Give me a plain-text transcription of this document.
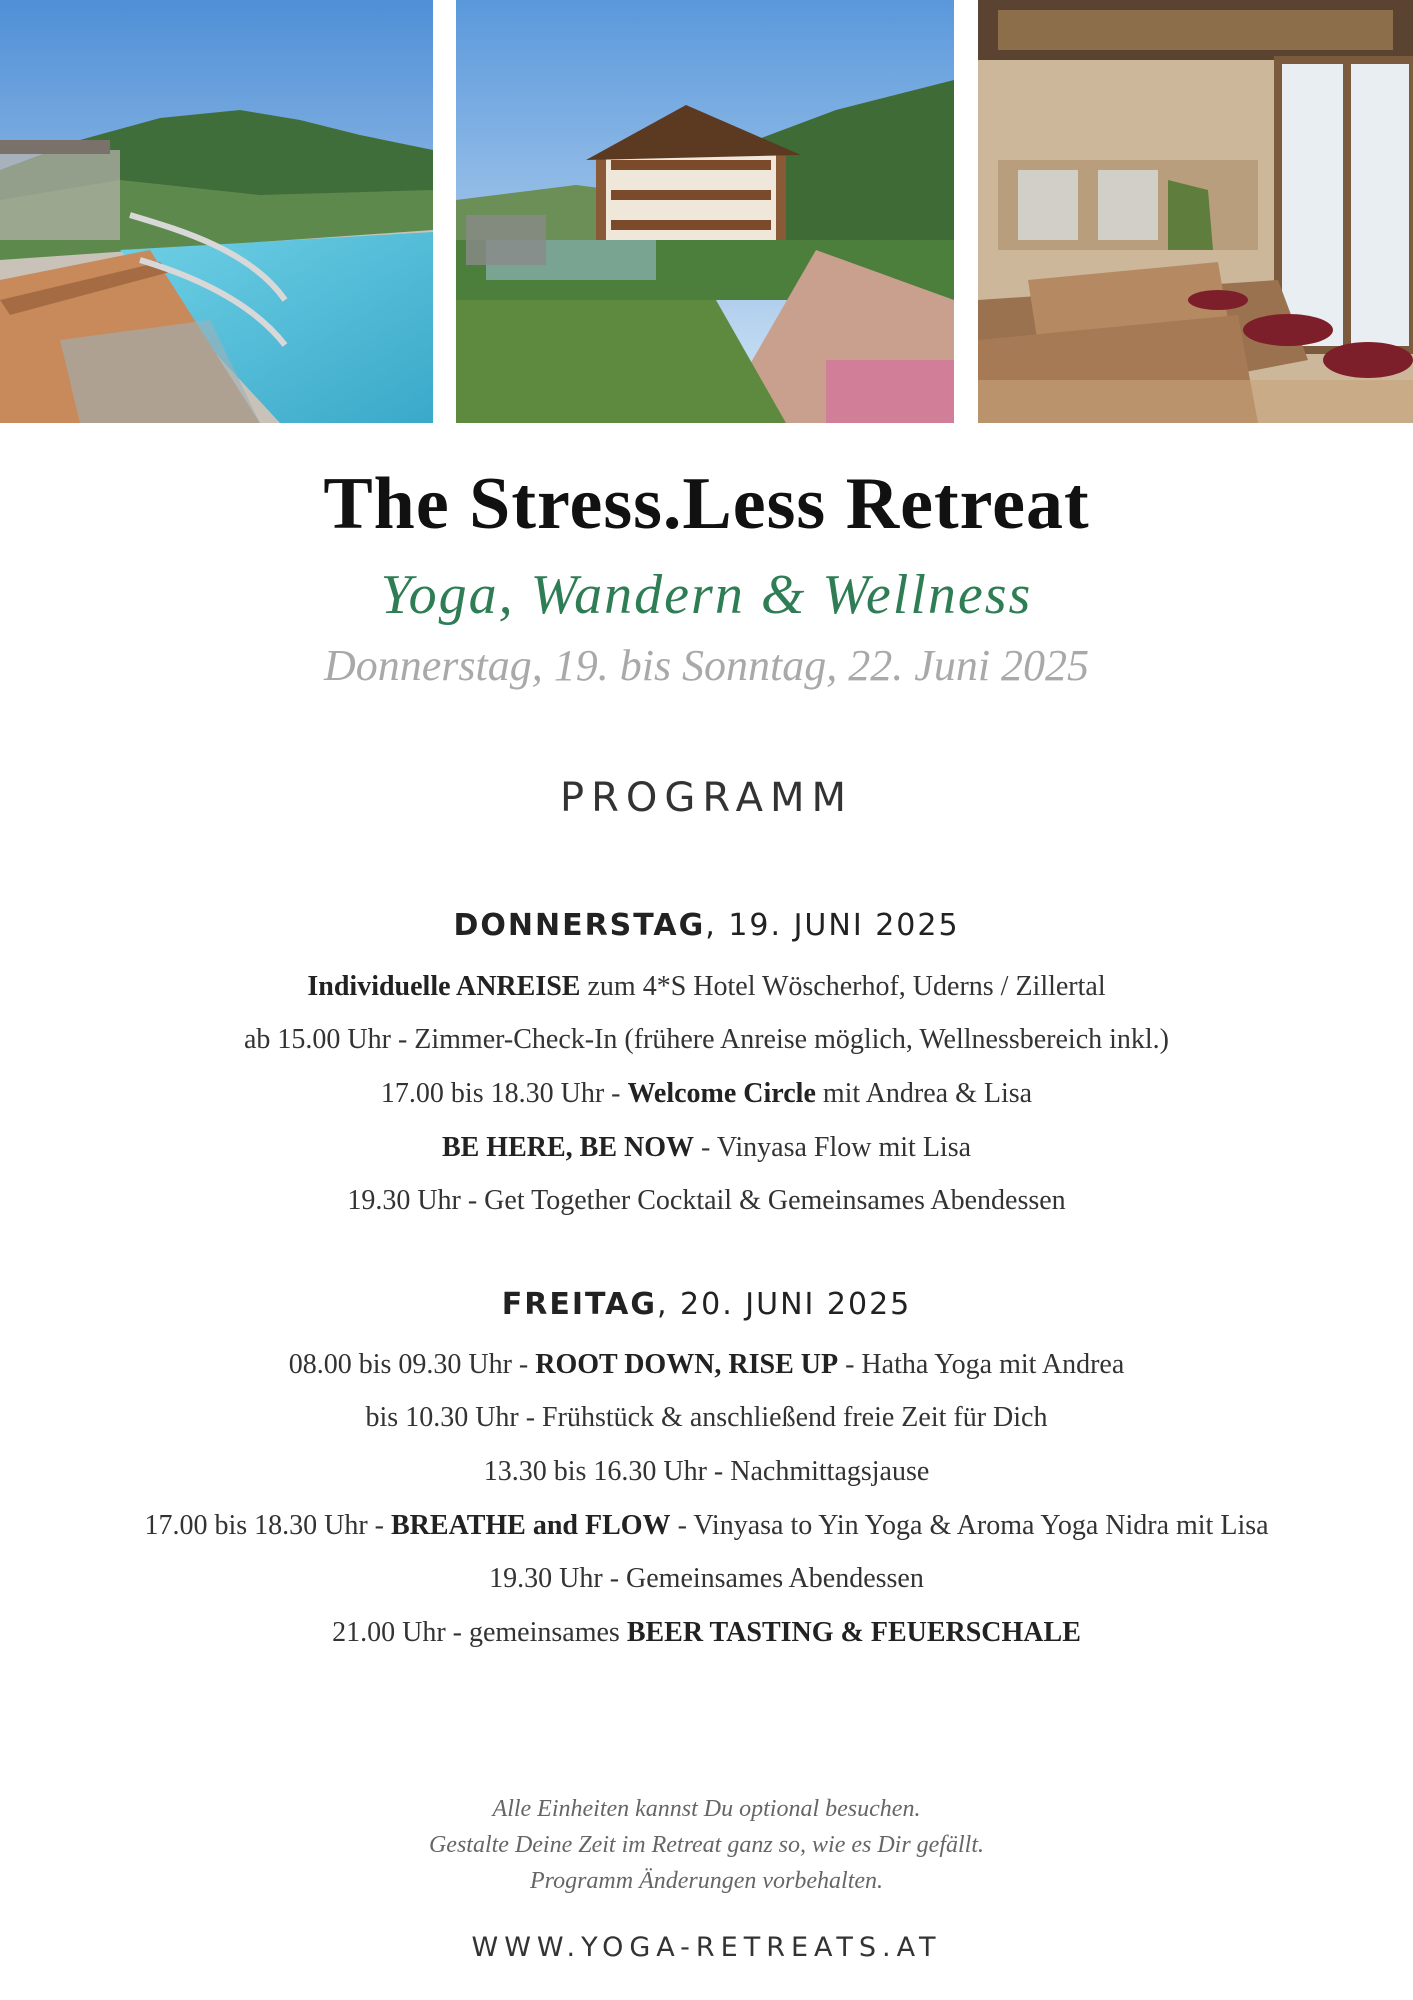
The Stress.Less Retreat
Yoga, Wandern & Wellness
Donnerstag, 19. bis Sonntag, 22. Juni 2025
PROGRAMM
DONNERSTAG, 19. JUNI 2025
Individuelle ANREISE zum 4*S Hotel Wöscherhof, Uderns / Zillertal
ab 15.00 Uhr - Zimmer-Check-In (frühere Anreise möglich, Wellnessbereich inkl.)
17.00 bis 18.30 Uhr - Welcome Circle mit Andrea & Lisa
BE HERE, BE NOW - Vinyasa Flow mit Lisa
19.30 Uhr - Get Together Cocktail & Gemeinsames Abendessen
FREITAG, 20. JUNI 2025
08.00 bis 09.30 Uhr - ROOT DOWN, RISE UP - Hatha Yoga mit Andrea
bis 10.30 Uhr - Frühstück & anschließend freie Zeit für Dich
13.30 bis 16.30 Uhr - Nachmittagsjause
17.00 bis 18.30 Uhr - BREATHE and FLOW - Vinyasa to Yin Yoga & Aroma Yoga Nidra mit Lisa
19.30 Uhr - Gemeinsames Abendessen
21.00 Uhr - gemeinsames BEER TASTING & FEUERSCHALE
Alle Einheiten kannst Du optional besuchen.
Gestalte Deine Zeit im Retreat ganz so, wie es Dir gefällt.
Programm Änderungen vorbehalten.
WWW.YOGA-RETREATS.AT
